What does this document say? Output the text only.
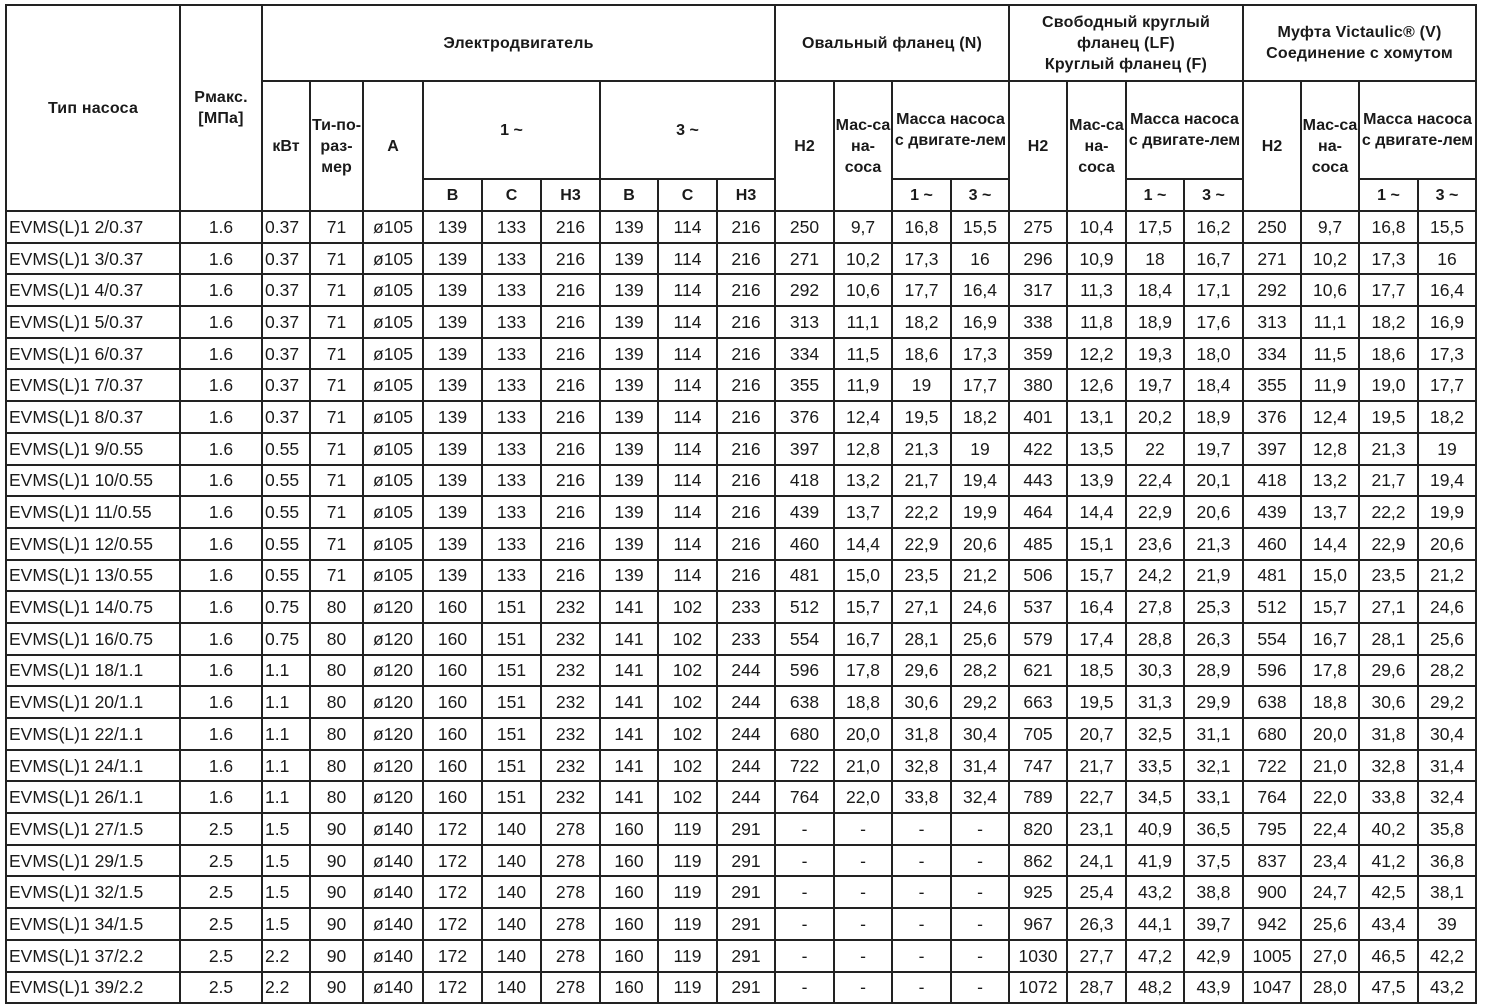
Тип насоса	Рмакс. [МПа]	Электродвигатель									Овальный фланец (N)				Свободный круглый
фланец (LF)
Круглый фланец (F)				Муфта Victaulic® (V)
Соединение с хомутом			
		кВт	Ти-по-раз-мер	A	1 ~			3 ~			H2	Мас-са на-соса	Масса насоса с двигате-лем		H2	Мас-са на-соса	Масса насоса с двигате-лем		H2	Мас-са на-соса	Масса насоса с двигате-лем	
					B	C	H3	B	C	H3			1 ~	3 ~			1 ~	3 ~			1 ~	3 ~
EVMS(L)1 2/0.37	1.6	0.37	71	ø105	139	133	216	139	114	216	250	9,7	16,8	15,5	275	10,4	17,5	16,2	250	9,7	16,8	15,5
EVMS(L)1 3/0.37	1.6	0.37	71	ø105	139	133	216	139	114	216	271	10,2	17,3	16	296	10,9	18	16,7	271	10,2	17,3	16
EVMS(L)1 4/0.37	1.6	0.37	71	ø105	139	133	216	139	114	216	292	10,6	17,7	16,4	317	11,3	18,4	17,1	292	10,6	17,7	16,4
EVMS(L)1 5/0.37	1.6	0.37	71	ø105	139	133	216	139	114	216	313	11,1	18,2	16,9	338	11,8	18,9	17,6	313	11,1	18,2	16,9
EVMS(L)1 6/0.37	1.6	0.37	71	ø105	139	133	216	139	114	216	334	11,5	18,6	17,3	359	12,2	19,3	18,0	334	11,5	18,6	17,3
EVMS(L)1 7/0.37	1.6	0.37	71	ø105	139	133	216	139	114	216	355	11,9	19	17,7	380	12,6	19,7	18,4	355	11,9	19,0	17,7
EVMS(L)1 8/0.37	1.6	0.37	71	ø105	139	133	216	139	114	216	376	12,4	19,5	18,2	401	13,1	20,2	18,9	376	12,4	19,5	18,2
EVMS(L)1 9/0.55	1.6	0.55	71	ø105	139	133	216	139	114	216	397	12,8	21,3	19	422	13,5	22	19,7	397	12,8	21,3	19
EVMS(L)1 10/0.55	1.6	0.55	71	ø105	139	133	216	139	114	216	418	13,2	21,7	19,4	443	13,9	22,4	20,1	418	13,2	21,7	19,4
EVMS(L)1 11/0.55	1.6	0.55	71	ø105	139	133	216	139	114	216	439	13,7	22,2	19,9	464	14,4	22,9	20,6	439	13,7	22,2	19,9
EVMS(L)1 12/0.55	1.6	0.55	71	ø105	139	133	216	139	114	216	460	14,4	22,9	20,6	485	15,1	23,6	21,3	460	14,4	22,9	20,6
EVMS(L)1 13/0.55	1.6	0.55	71	ø105	139	133	216	139	114	216	481	15,0	23,5	21,2	506	15,7	24,2	21,9	481	15,0	23,5	21,2
EVMS(L)1 14/0.75	1.6	0.75	80	ø120	160	151	232	141	102	233	512	15,7	27,1	24,6	537	16,4	27,8	25,3	512	15,7	27,1	24,6
EVMS(L)1 16/0.75	1.6	0.75	80	ø120	160	151	232	141	102	233	554	16,7	28,1	25,6	579	17,4	28,8	26,3	554	16,7	28,1	25,6
EVMS(L)1 18/1.1	1.6	1.1	80	ø120	160	151	232	141	102	244	596	17,8	29,6	28,2	621	18,5	30,3	28,9	596	17,8	29,6	28,2
EVMS(L)1 20/1.1	1.6	1.1	80	ø120	160	151	232	141	102	244	638	18,8	30,6	29,2	663	19,5	31,3	29,9	638	18,8	30,6	29,2
EVMS(L)1 22/1.1	1.6	1.1	80	ø120	160	151	232	141	102	244	680	20,0	31,8	30,4	705	20,7	32,5	31,1	680	20,0	31,8	30,4
EVMS(L)1 24/1.1	1.6	1.1	80	ø120	160	151	232	141	102	244	722	21,0	32,8	31,4	747	21,7	33,5	32,1	722	21,0	32,8	31,4
EVMS(L)1 26/1.1	1.6	1.1	80	ø120	160	151	232	141	102	244	764	22,0	33,8	32,4	789	22,7	34,5	33,1	764	22,0	33,8	32,4
EVMS(L)1 27/1.5	2.5	1.5	90	ø140	172	140	278	160	119	291	-	-	-	-	820	23,1	40,9	36,5	795	22,4	40,2	35,8
EVMS(L)1 29/1.5	2.5	1.5	90	ø140	172	140	278	160	119	291	-	-	-	-	862	24,1	41,9	37,5	837	23,4	41,2	36,8
EVMS(L)1 32/1.5	2.5	1.5	90	ø140	172	140	278	160	119	291	-	-	-	-	925	25,4	43,2	38,8	900	24,7	42,5	38,1
EVMS(L)1 34/1.5	2.5	1.5	90	ø140	172	140	278	160	119	291	-	-	-	-	967	26,3	44,1	39,7	942	25,6	43,4	39
EVMS(L)1 37/2.2	2.5	2.2	90	ø140	172	140	278	160	119	291	-	-	-	-	1030	27,7	47,2	42,9	1005	27,0	46,5	42,2
EVMS(L)1 39/2.2	2.5	2.2	90	ø140	172	140	278	160	119	291	-	-	-	-	1072	28,7	48,2	43,9	1047	28,0	47,5	43,2
